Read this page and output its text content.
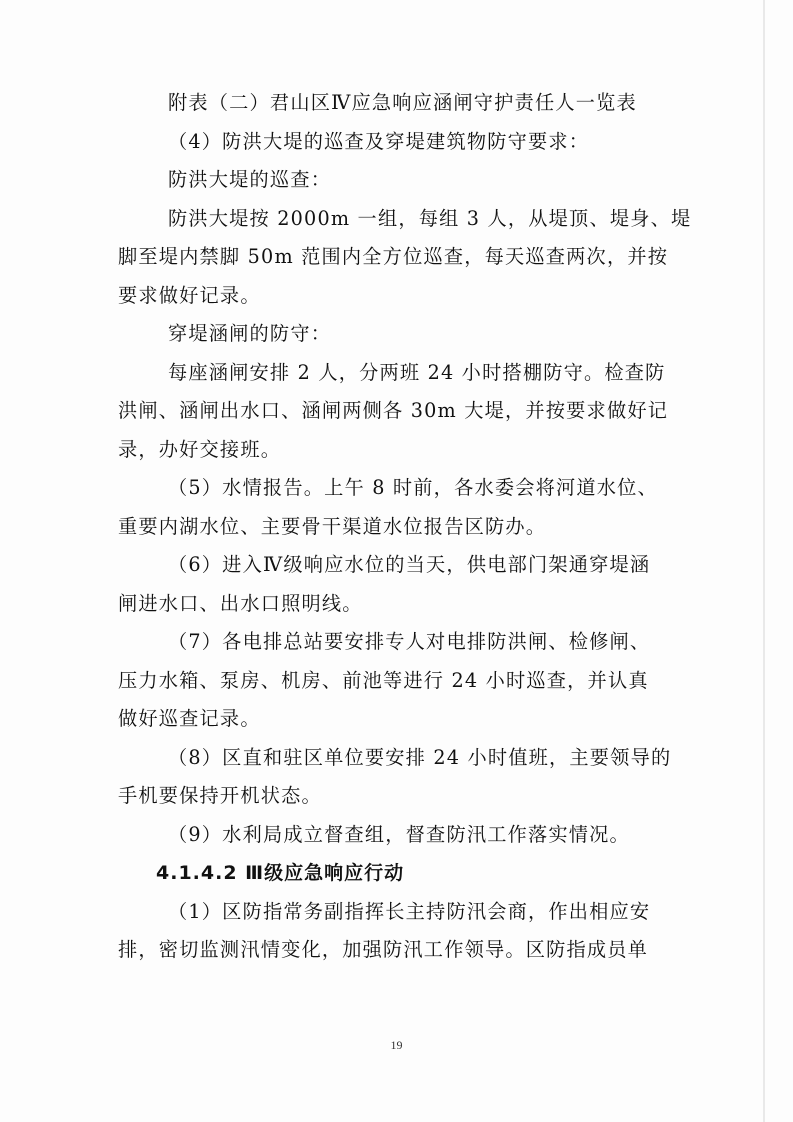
附表（二）君山区Ⅳ应急响应涵闸守护责任人一览表
（4）防洪大堤的巡查及穿堤建筑物防守要求：
防洪大堤的巡查：
防洪大堤按 2000m 一组，每组 3 人，从堤顶、堤身、堤
脚至堤内禁脚 50m 范围内全方位巡查，每天巡查两次，并按
要求做好记录。
穿堤涵闸的防守：
每座涵闸安排 2 人，分两班 24 小时搭棚防守。检查防
洪闸、涵闸出水口、涵闸两侧各 30m 大堤，并按要求做好记
录，办好交接班。
（5）水情报告。上午 8 时前，各水委会将河道水位、
重要内湖水位、主要骨干渠道水位报告区防办。
（6）进入Ⅳ级响应水位的当天，供电部门架通穿堤涵
闸进水口、出水口照明线。
（7）各电排总站要安排专人对电排防洪闸、检修闸、
压力水箱、泵房、机房、前池等进行 24 小时巡查，并认真
做好巡查记录。
（8）区直和驻区单位要安排 24 小时值班，主要领导的
手机要保持开机状态。
（9）水利局成立督查组，督查防汛工作落实情况。
4.1.4.2 Ⅲ级应急响应行动
（1）区防指常务副指挥长主持防汛会商，作出相应安
排，密切监测汛情变化，加强防汛工作领导。区防指成员单
19
